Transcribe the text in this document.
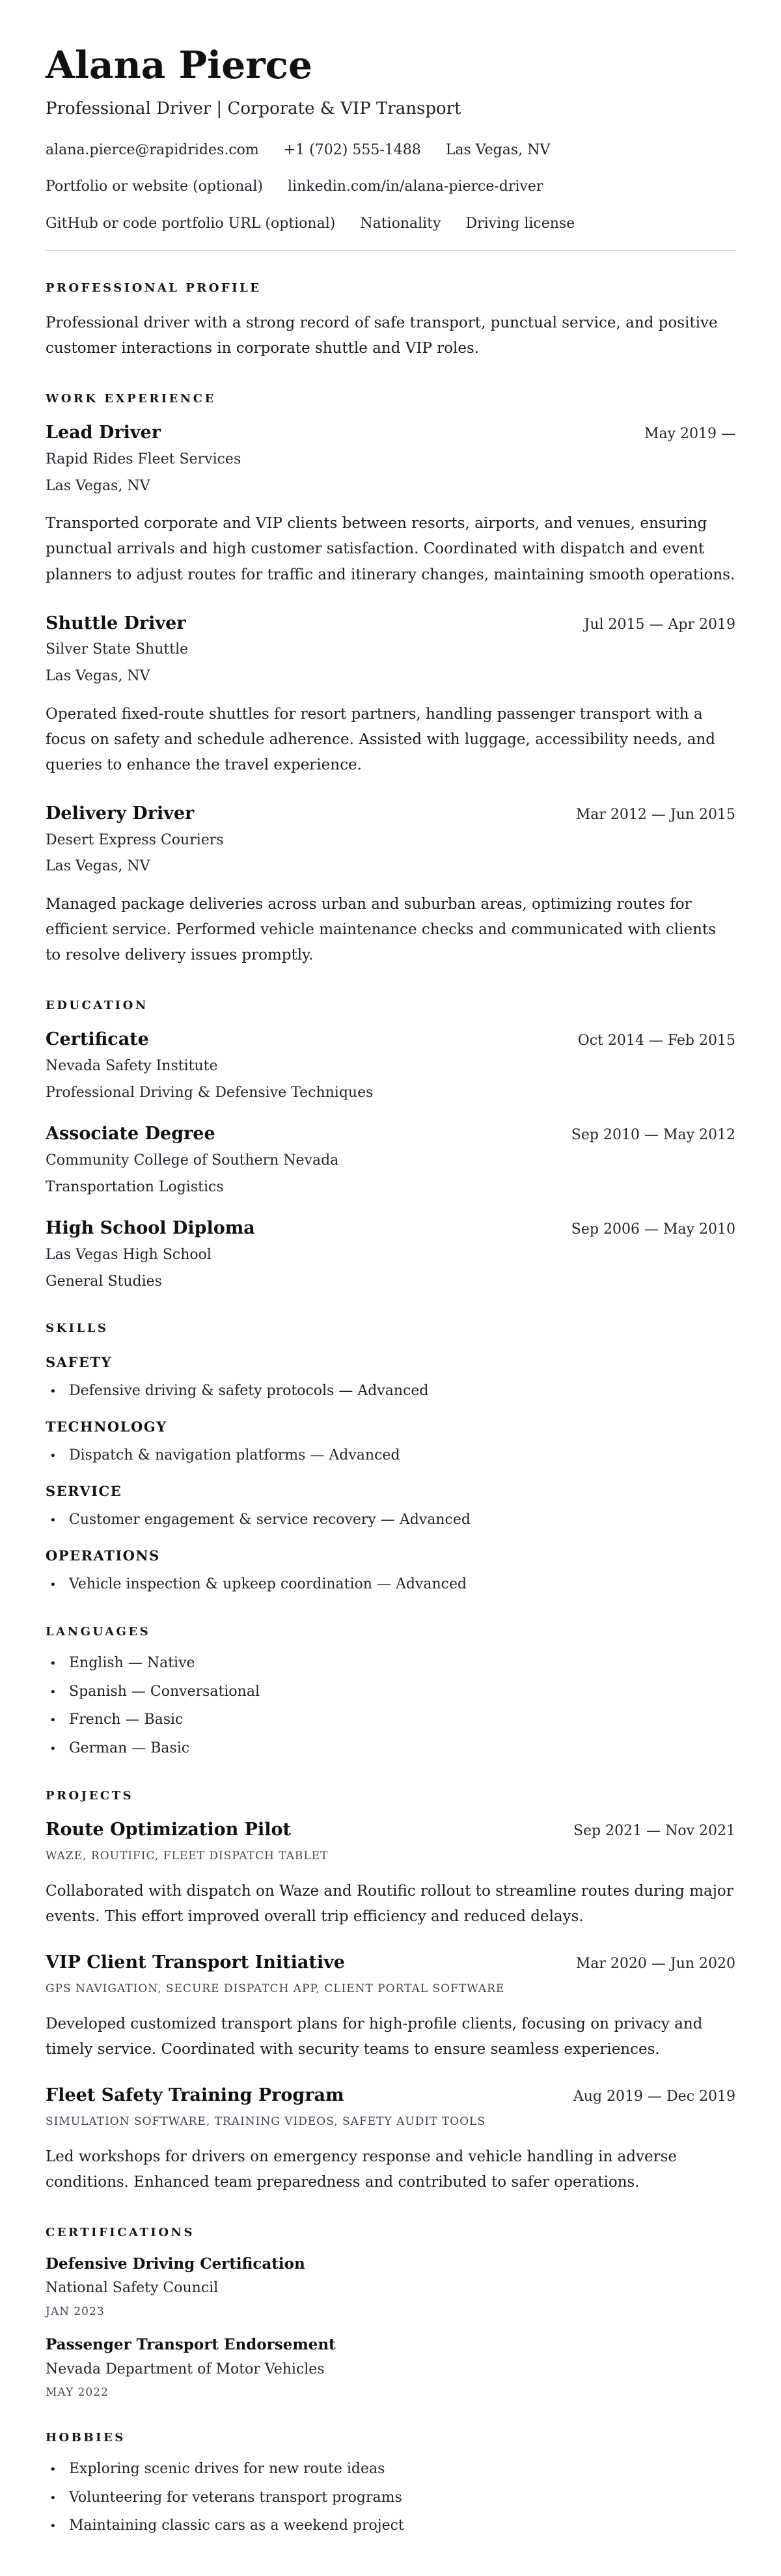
Alana Pierce
Professional Driver | Corporate & VIP Transport
alana.pierce@rapidrides.com +1 (702) 555-1488 Las Vegas, NV
Portfolio or website (optional) linkedin.com/in/alana-pierce-driver
GitHub or code portfolio URL (optional) Nationality Driving license
PROFESSIONAL PROFILE

Professional driver with a strong record of safe transport, punctual service, and positive customer interactions in corporate shuttle and VIP roles.

WORK EXPERIENCE
Lead Driver	May 2019 —
Rapid Rides Fleet Services
Las Vegas, NV

Transported corporate and VIP clients between resorts, airports, and venues, ensuring punctual arrivals and high customer satisfaction. Coordinated with dispatch and event planners to adjust routes for traffic and itinerary changes, maintaining smooth operations.

Shuttle Driver	Jul 2015 — Apr 2019
Silver State Shuttle
Las Vegas, NV

Operated fixed-route shuttles for resort partners, handling passenger transport with a focus on safety and schedule adherence. Assisted with luggage, accessibility needs, and queries to enhance the travel experience.

Delivery Driver	Mar 2012 — Jun 2015
Desert Express Couriers
Las Vegas, NV

Managed package deliveries across urban and suburban areas, optimizing routes for efficient service. Performed vehicle maintenance checks and communicated with clients to resolve delivery issues promptly.

EDUCATION
Certificate	Oct 2014 — Feb 2015
Nevada Safety Institute
Professional Driving & Defensive Techniques
Associate Degree	Sep 2010 — May 2012
Community College of Southern Nevada
Transportation Logistics
High School Diploma	Sep 2006 — May 2010
Las Vegas High School
General Studies
SKILLS
SAFETY
• Defensive driving & safety protocols — Advanced
TECHNOLOGY
• Dispatch & navigation platforms — Advanced
SERVICE
• Customer engagement & service recovery — Advanced
OPERATIONS
• Vehicle inspection & upkeep coordination — Advanced
LANGUAGES
• English — Native
• Spanish — Conversational
• French — Basic
• German — Basic
PROJECTS
Route Optimization Pilot	Sep 2021 — Nov 2021
WAZE, ROUTIFIC, FLEET DISPATCH TABLET

Collaborated with dispatch on Waze and Routific rollout to streamline routes during major events. This effort improved overall trip efficiency and reduced delays.

VIP Client Transport Initiative	Mar 2020 — Jun 2020
GPS NAVIGATION, SECURE DISPATCH APP, CLIENT PORTAL SOFTWARE

Developed customized transport plans for high-profile clients, focusing on privacy and timely service. Coordinated with security teams to ensure seamless experiences.

Fleet Safety Training Program	Aug 2019 — Dec 2019
SIMULATION SOFTWARE, TRAINING VIDEOS, SAFETY AUDIT TOOLS

Led workshops for drivers on emergency response and vehicle handling in adverse conditions. Enhanced team preparedness and contributed to safer operations.

CERTIFICATIONS
Defensive Driving Certification
National Safety Council
JAN 2023
Passenger Transport Endorsement
Nevada Department of Motor Vehicles
MAY 2022
HOBBIES
• Exploring scenic drives for new route ideas
• Volunteering for veterans transport programs
• Maintaining classic cars as a weekend project
